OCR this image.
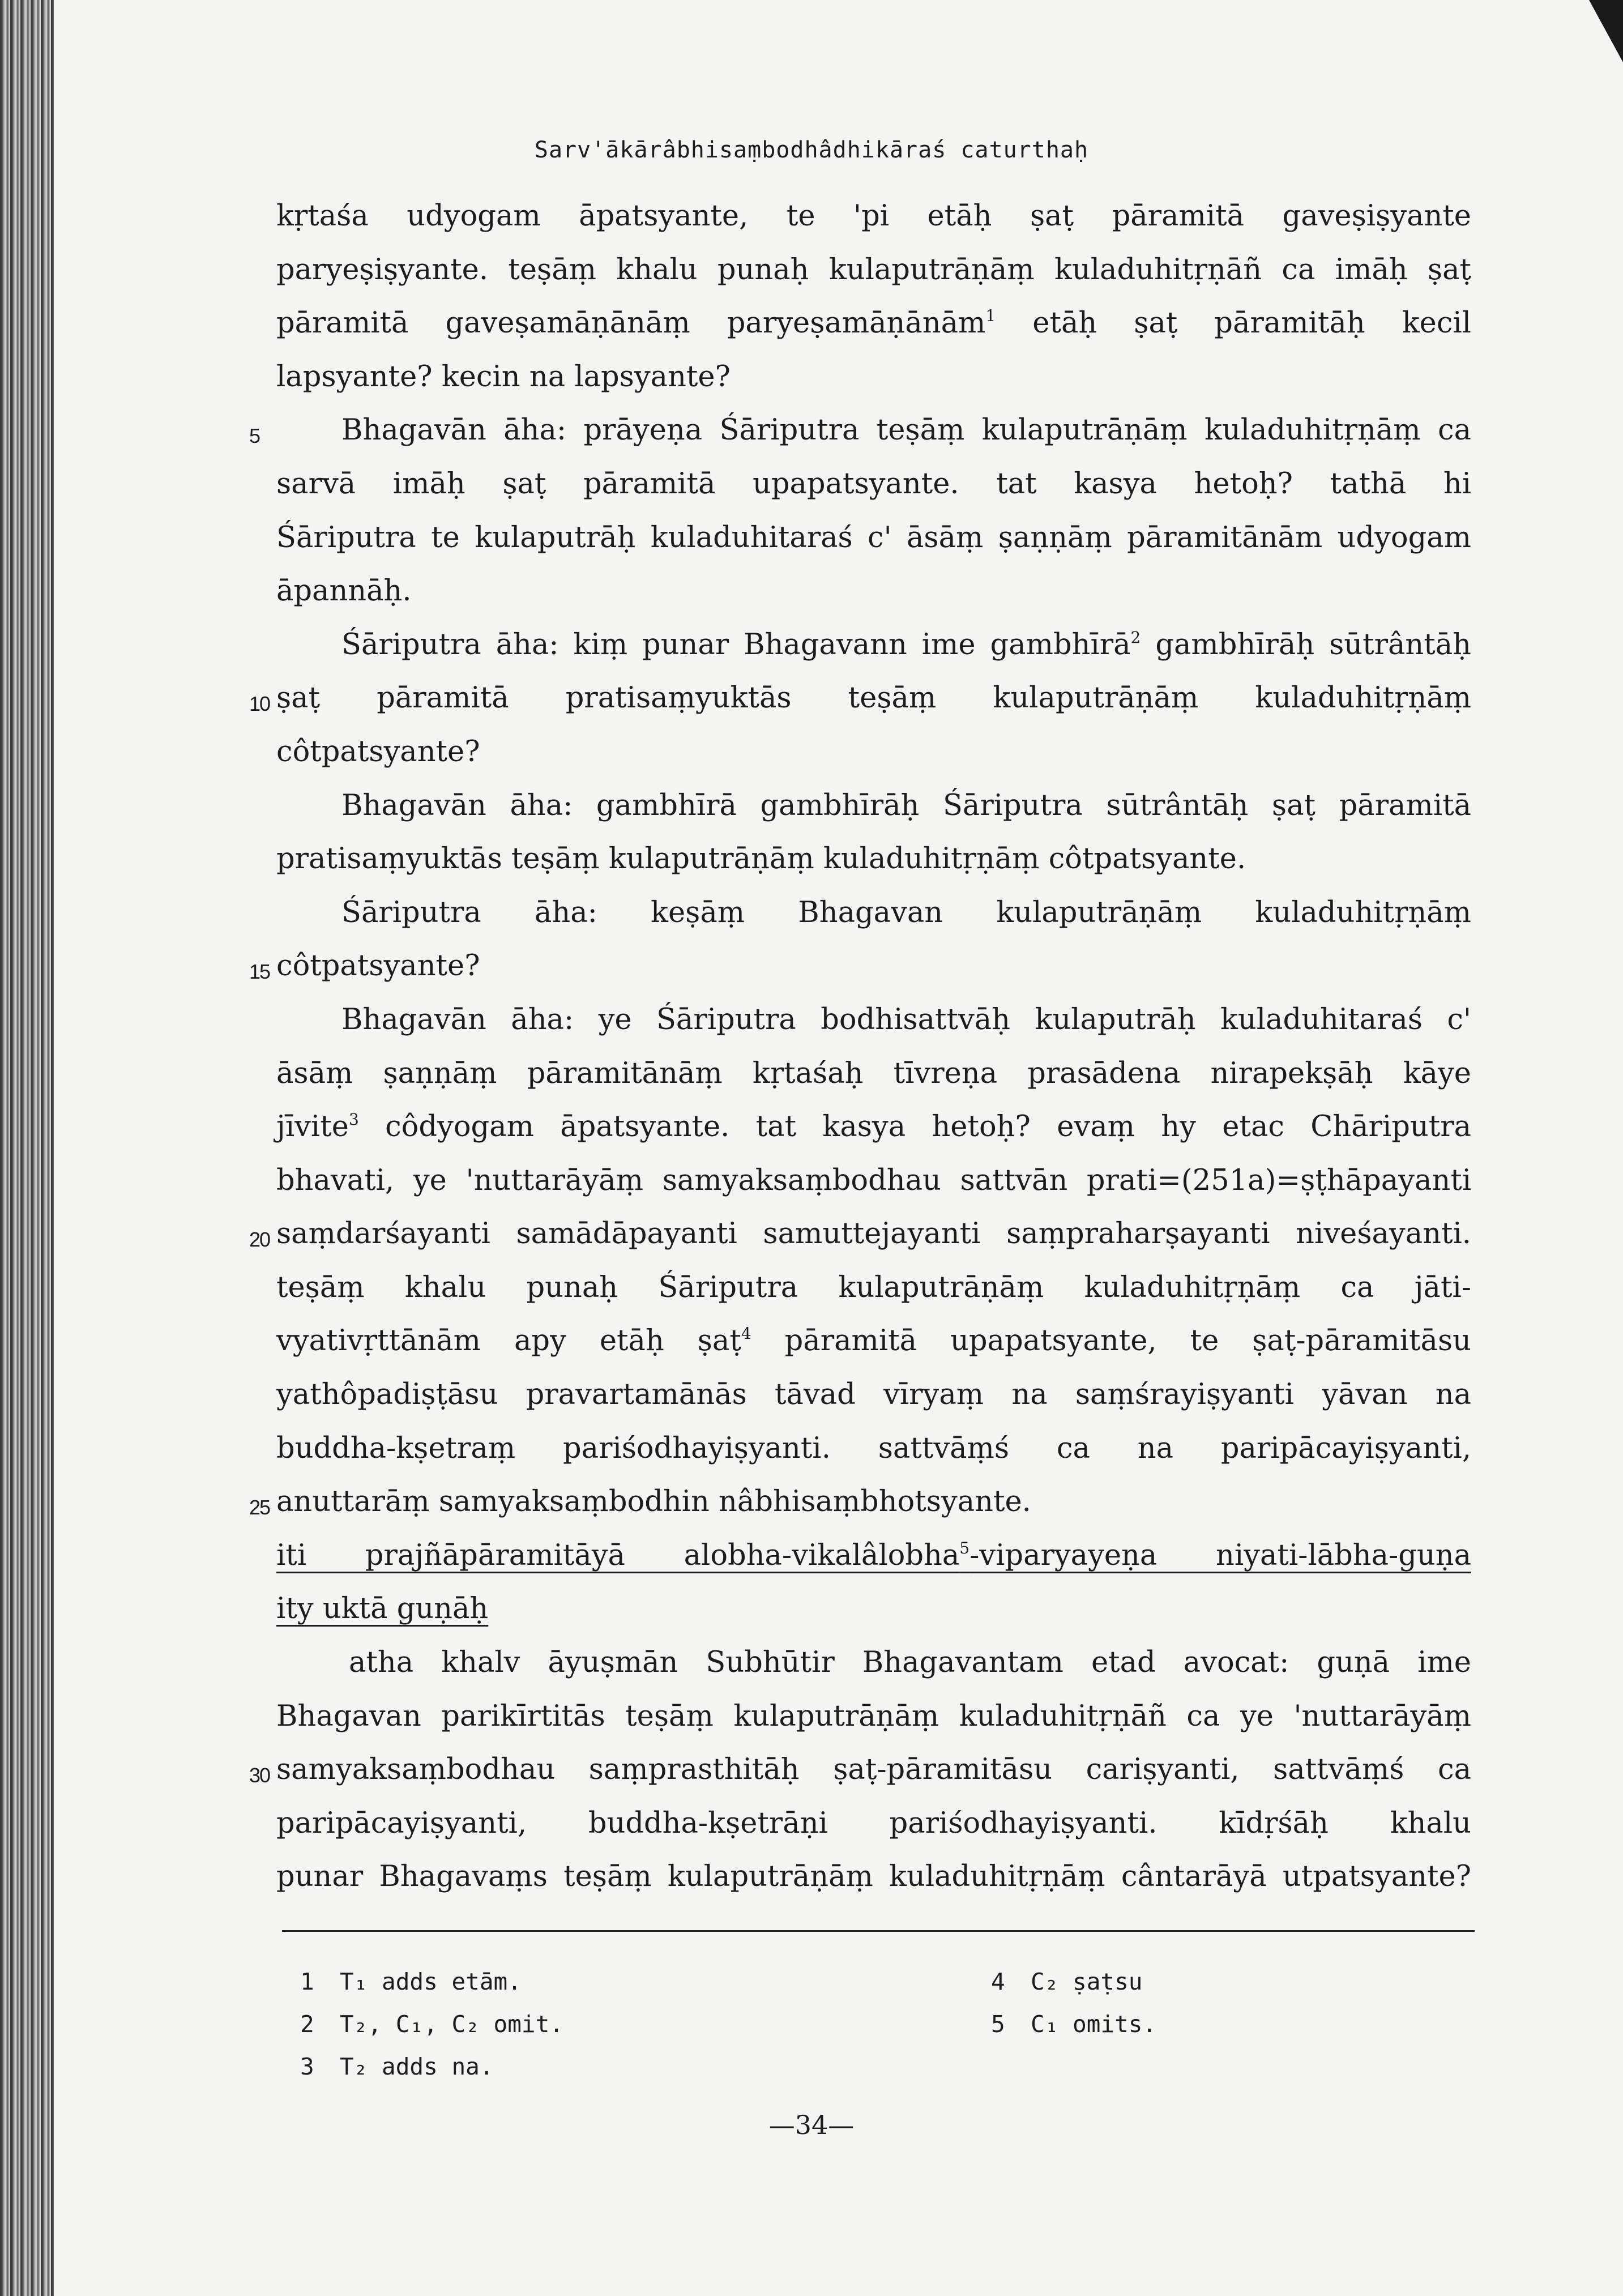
Sarv'ākārâbhisaṃbodhâdhikāraś caturthaḥ
kṛtaśa udyogam āpatsyante, te 'pi etāḥ ṣaṭ pāramitā gaveṣiṣyante
paryeṣiṣyante. teṣāṃ khalu punaḥ kulaputrāṇāṃ kuladuhitṛṇāñ ca imāḥ ṣaṭ
pāramitā gaveṣamāṇānāṃ paryeṣamāṇānām$^1$ etāḥ ṣaṭ pāramitāḥ kecil
lapsyante? kecin na lapsyante?
5	Bhagavān āha: prāyeṇa Śāriputra teṣāṃ kulaputrāṇāṃ kuladuhitṛṇāṃ ca
sarvā imāḥ ṣaṭ pāramitā upapatsyante. tat kasya hetoḥ? tathā hi
Śāriputra te kulaputrāḥ kuladuhitaraś c' āsāṃ ṣaṇṇāṃ pāramitānām udyogam
āpannāḥ.
Śāriputra āha: kiṃ punar Bhagavann ime gambhīrā$^2$ gambhīrāḥ sūtrântāḥ
10 ṣaṭ pāramitā pratisaṃyuktās teṣāṃ kulaputrāṇāṃ kuladuhitṛṇāṃ
côtpatsyante?
Bhagavān āha: gambhīrā gambhīrāḥ Śāriputra sūtrântāḥ ṣaṭ pāramitā
pratisaṃyuktās teṣāṃ kulaputrāṇāṃ kuladuhitṛṇāṃ côtpatsyante.
Śāriputra āha: keṣāṃ Bhagavan kulaputrāṇāṃ kuladuhitṛṇāṃ
15 côtpatsyante?
Bhagavān āha: ye Śāriputra bodhisattvāḥ kulaputrāḥ kuladuhitaraś c'
āsāṃ ṣaṇṇāṃ pāramitānāṃ kṛtaśaḥ tīvreṇa prasādena nirapekṣāḥ kāye
jīvite$^3$ côdyogam āpatsyante. tat kasya hetoḥ? evaṃ hy etac Chāriputra
bhavati, ye 'nuttarāyāṃ samyaksaṃbodhau sattvān prati=(251a)=ṣṭhāpayanti
20 saṃdarśayanti samādāpayanti samuttejayanti saṃpraharṣayanti niveśayanti.
teṣāṃ khalu punaḥ Śāriputra kulaputrāṇāṃ kuladuhitṛṇāṃ ca jāti-
vyativṛttānām apy etāḥ ṣaṭ$^4$ pāramitā upapatsyante, te ṣaṭ-pāramitāsu
yathôpadiṣṭāsu pravartamānās tāvad vīryaṃ na saṃśrayiṣyanti yāvan na
buddha-kṣetraṃ pariśodhayiṣyanti. sattvāṃś ca na paripācayiṣyanti,
25 anuttarāṃ samyaksaṃbodhin nâbhisaṃbhotsyante.
iti prajñāpāramitāyā alobha-vikalâlobha$^5$-viparyayeṇa niyati-lābha-guṇa
ity uktā guṇāḥ
atha khalv āyuṣmān Subhūtir Bhagavantam etad avocat: guṇā ime
Bhagavan parikīrtitās teṣāṃ kulaputrāṇāṃ kuladuhitṛṇāñ ca ye 'nuttarāyāṃ
30 samyaksaṃbodhau saṃprasthitāḥ ṣaṭ-pāramitāsu cariṣyanti, sattvāṃś ca
paripācayiṣyanti, buddha-kṣetrāṇi pariśodhayiṣyanti. kīdṛśāḥ khalu
punar Bhagavaṃs teṣāṃ kulaputrāṇāṃ kuladuhitṛṇāṃ cântarāyā utpatsyante?
1 T₁ adds etām.
2 T₂, C₁, C₂ omit.
3 T₂ adds na.
4 C₂ ṣaṭsu
5 C₁ omits.
—34—
